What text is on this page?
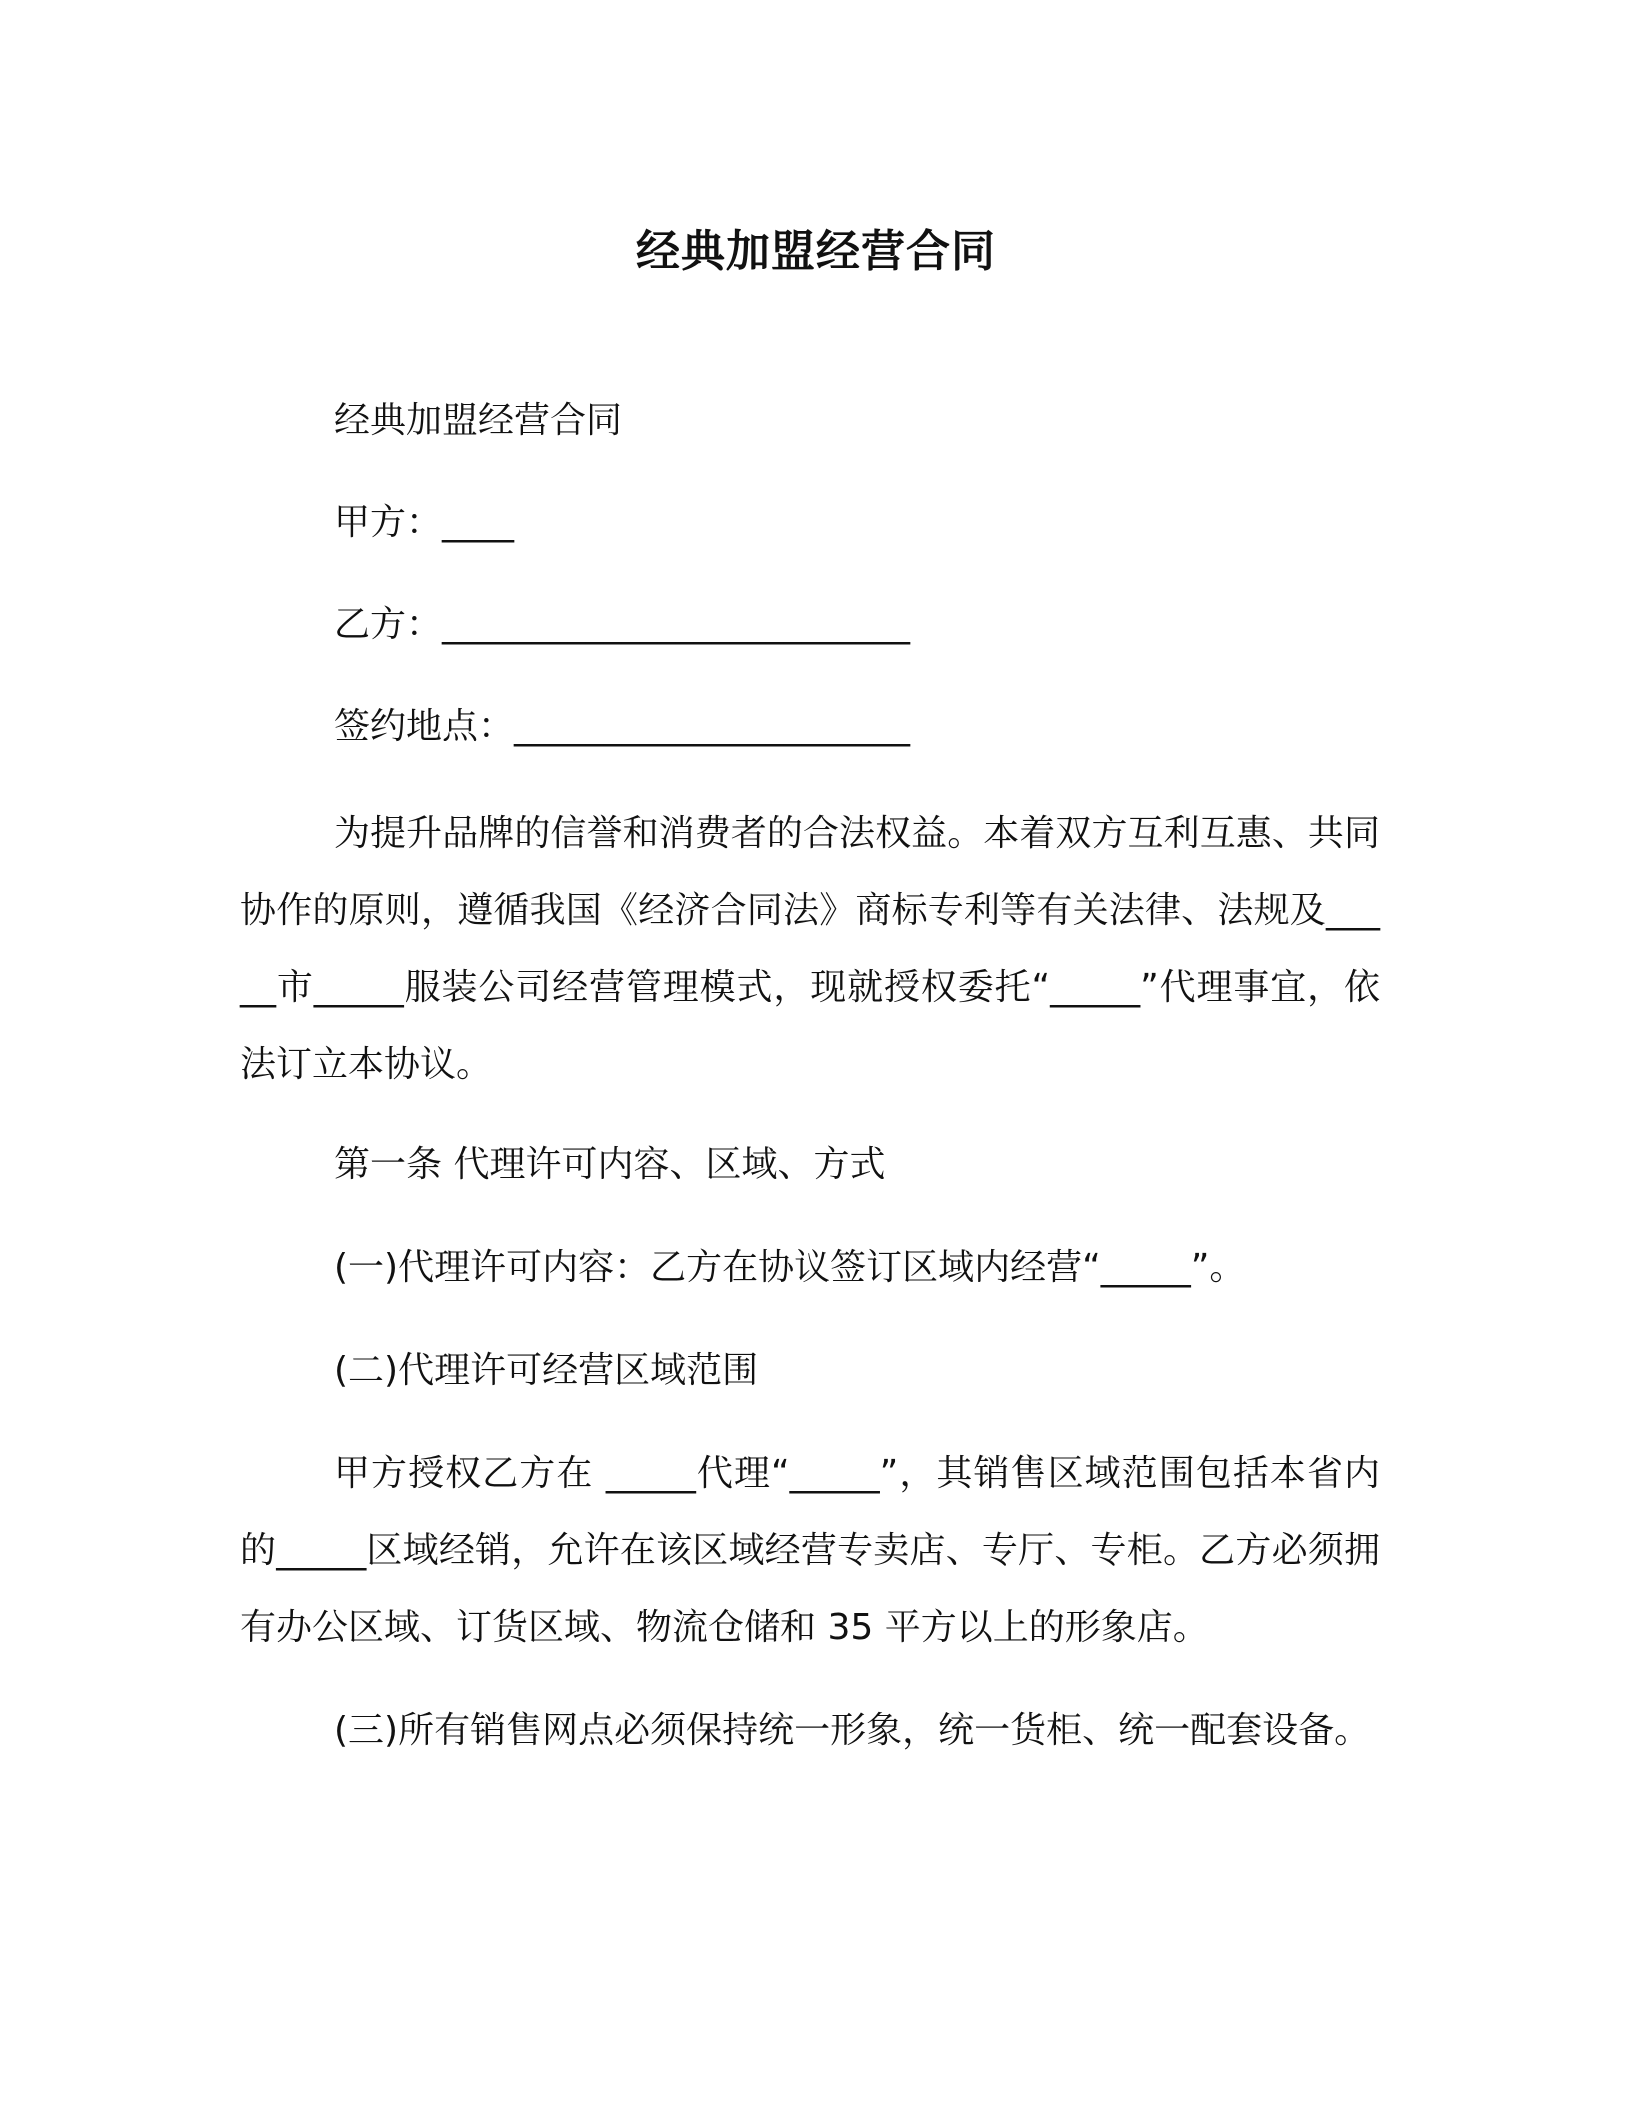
经典加盟经营合同
经典加盟经营合同
甲方：____
乙方：__________________________
签约地点：______________________

为提升品牌的信誉和消费者的合法权益。本着双方互利互惠、共同协作的原则，遵循我国《经济合同法》商标专利等有关法律、法规及_____市_____服装公司经营管理模式，现就授权委托“_____”代理事宜，依法订立本协议。

第一条 代理许可内容、区域、方式
(一)代理许可内容：乙方在协议签订区域内经营“_____”。
(二)代理许可经营区域范围

甲方授权乙方在 _____代理“_____”，其销售区域范围包括本省内的_____区域经销，允许在该区域经营专卖店、专厅、专柜。乙方必须拥有办公区域、订货区域、物流仓储和 35 平方以上的形象店。

(三)所有销售网点必须保持统一形象，统一货柜、统一配套设备。
